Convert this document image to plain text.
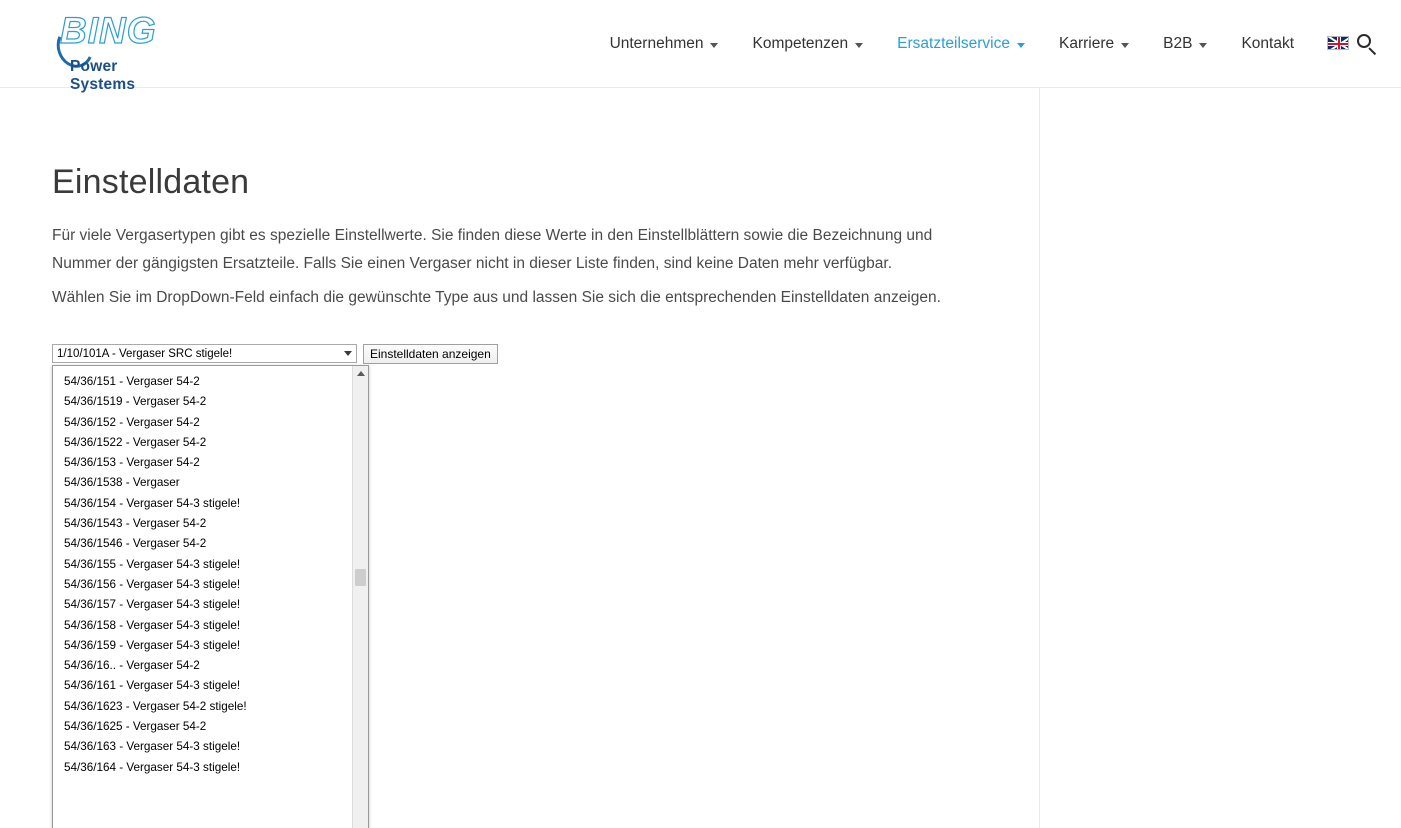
BING
Power Systems
Unternehmen	Kompetenzen	Ersatzteilservice	Karriere	B2B	Kontakt
Einstelldaten

Für viele Vergasertypen gibt es spezielle Einstellwerte. Sie finden diese Werte in den Einstellblättern sowie die Bezeichnung und Nummer der gängigsten Ersatzteile. Falls Sie einen Vergaser nicht in dieser Liste finden, sind keine Daten mehr verfügbar.

Wählen Sie im DropDown-Feld einfach die gewünschte Type aus und lassen Sie sich die entsprechenden Einstelldaten anzeigen.

1/10/101A - Vergaser SRC stigele!	Einstelldaten anzeigen
54/36/151 - Vergaser 54-2
54/36/1519 - Vergaser 54-2
54/36/152 - Vergaser 54-2
54/36/1522 - Vergaser 54-2
54/36/153 - Vergaser 54-2
54/36/1538 - Vergaser
54/36/154 - Vergaser 54-3 stigele!
54/36/1543 - Vergaser 54-2
54/36/1546 - Vergaser 54-2
54/36/155 - Vergaser 54-3 stigele!
54/36/156 - Vergaser 54-3 stigele!
54/36/157 - Vergaser 54-3 stigele!
54/36/158 - Vergaser 54-3 stigele!
54/36/159 - Vergaser 54-3 stigele!
54/36/16.. - Vergaser 54-2
54/36/161 - Vergaser 54-3 stigele!
54/36/1623 - Vergaser 54-2 stigele!
54/36/1625 - Vergaser 54-2
54/36/163 - Vergaser 54-3 stigele!
54/36/164 - Vergaser 54-3 stigele!
